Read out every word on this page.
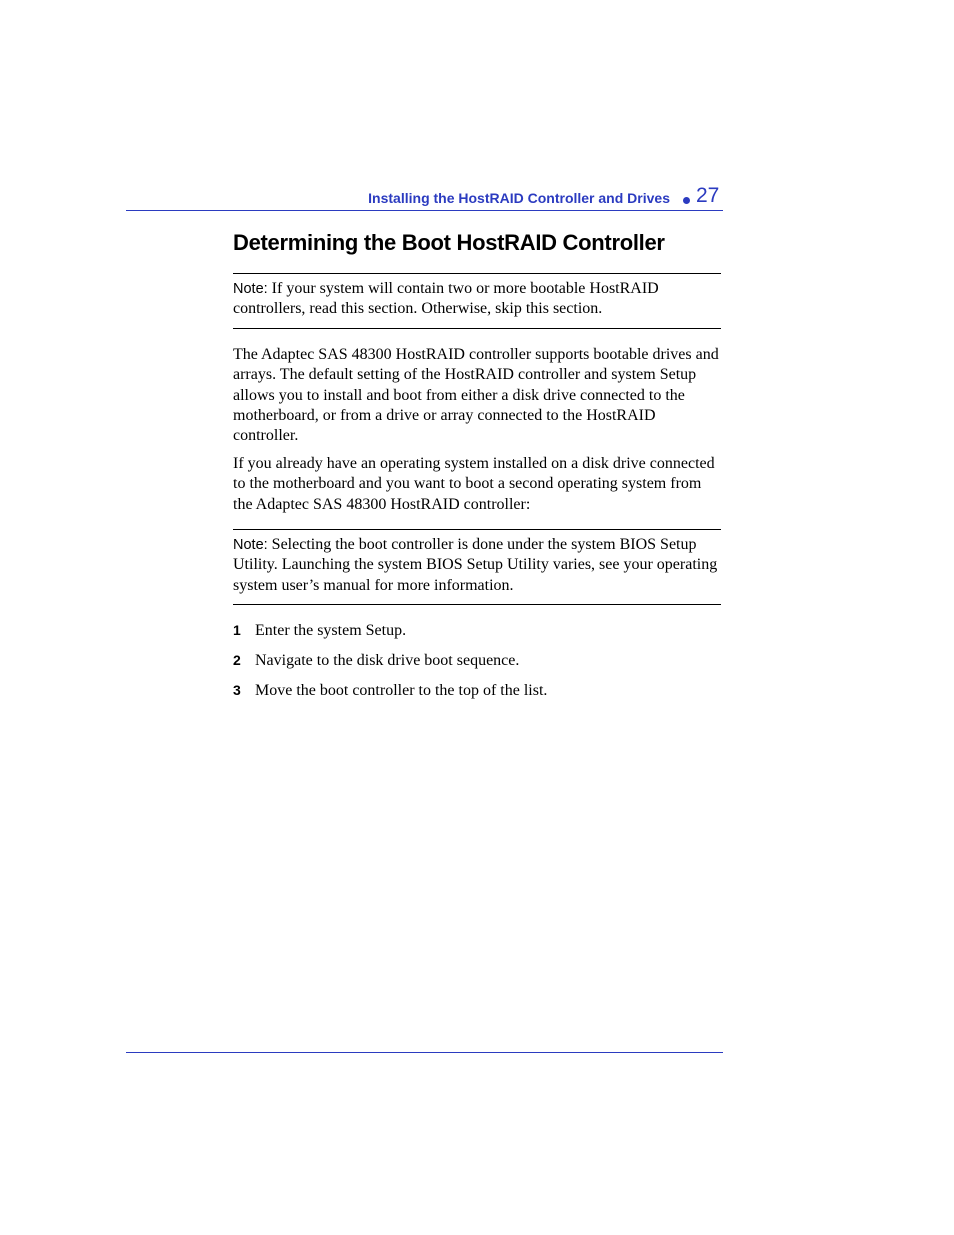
Installing the HostRAID Controller and Drives 27
Determining the Boot HostRAID Controller

Note: If your system will contain two or more bootable HostRAID controllers, read this section. Otherwise, skip this section.

The Adaptec SAS 48300 HostRAID controller supports bootable drives and arrays. The default setting of the HostRAID controller and system Setup allows you to install and boot from either a disk drive connected to the motherboard, or from a drive or array connected to the HostRAID controller.

If you already have an operating system installed on a disk drive connected to the motherboard and you want to boot a second operating system from the Adaptec SAS 48300 HostRAID controller:

Note: Selecting the boot controller is done under the system BIOS Setup Utility. Launching the system BIOS Setup Utility varies, see your operating system user’s manual for more information.

1 Enter the system Setup.

2 Navigate to the disk drive boot sequence.

3 Move the boot controller to the top of the list.
